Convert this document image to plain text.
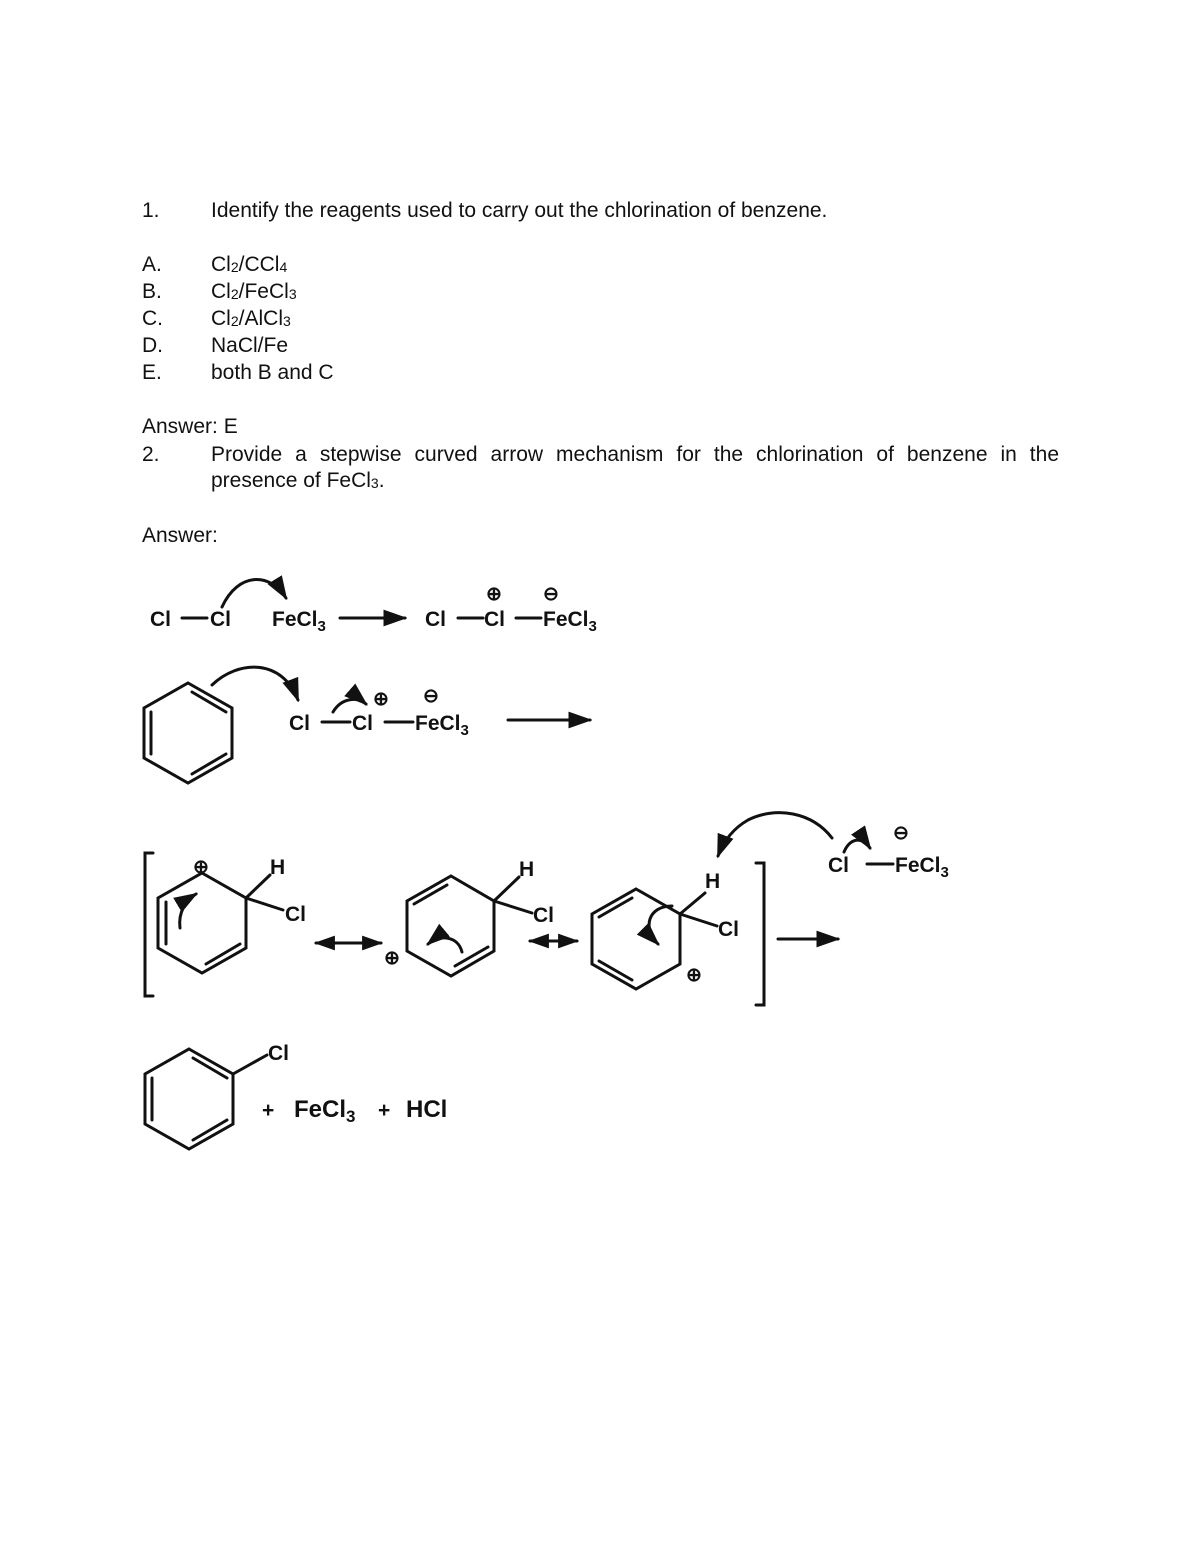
1. Identify the reagents used to carry out the chlorination of benzene.
A. $Cl_2/CCl_4$
B. $Cl_2/FeCl_3$
C. $Cl_2/AlCl_3$
D. NaCl/Fe
E. both B and C
Answer: E
2. Provide a stepwise curved arrow mechanism for the chlorination of benzene in the presence of FeCl$_3$.
Answer:
Cl Cl FeCl$_3$	Cl Cl FeCl$_3$
⊕ ⊖
Cl Cl FeCl$_3$
⊕ ⊖
⊕	H
Cl
⊕
H
Cl
H
Cl
⊕
⊖
Cl FeCl$_3$
Cl
+ FeCl$_3$ + HCl
